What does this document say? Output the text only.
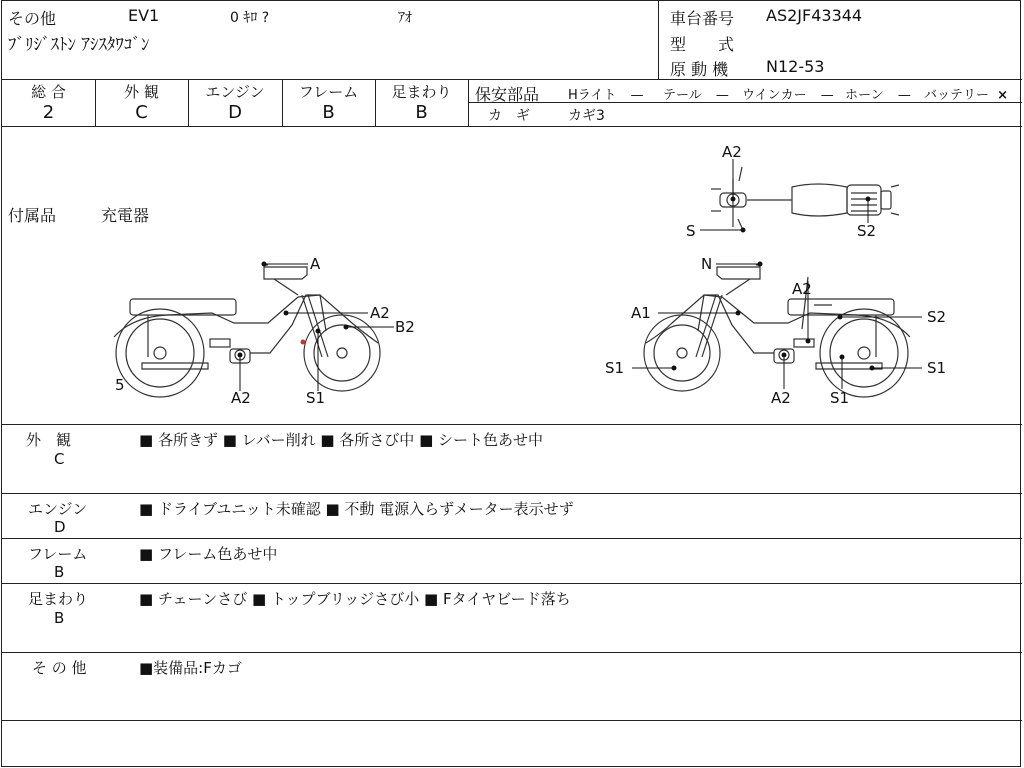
その他	EV1	0 ｷﾛ ?	ｱｵ
ﾌﾞﾘｼﾞｽﾄﾝ ｱｼｽﾀﾜｺﾞﾝ
車台番号 AS2JF43344
型　　式
原 動 機 N12-53
総 合
2
外 観
C
エンジン
D
フレーム
B
足まわり
B
保安部品 Hライト — テール — ウインカー — ホーン — バッテリー ×
カ　ギ	カギ3
付属品	充電器
A2
S	S2
A
A2
B2
5
A2	S1
N
A1
A2
S2
S1	S1
A2	S1
外　観
C
■ 各所きず ■ レバー削れ ■ 各所さび中 ■ シート色あせ中
エンジン
D
■ ドライブユニット未確認 ■ 不動 電源入らずメーター表示せず
フレーム
B
■ フレーム色あせ中
足まわり
B
■ チェーンさび ■ トップブリッジさび小 ■ Fタイヤビード落ち
そ の 他	■装備品:Fカゴ
